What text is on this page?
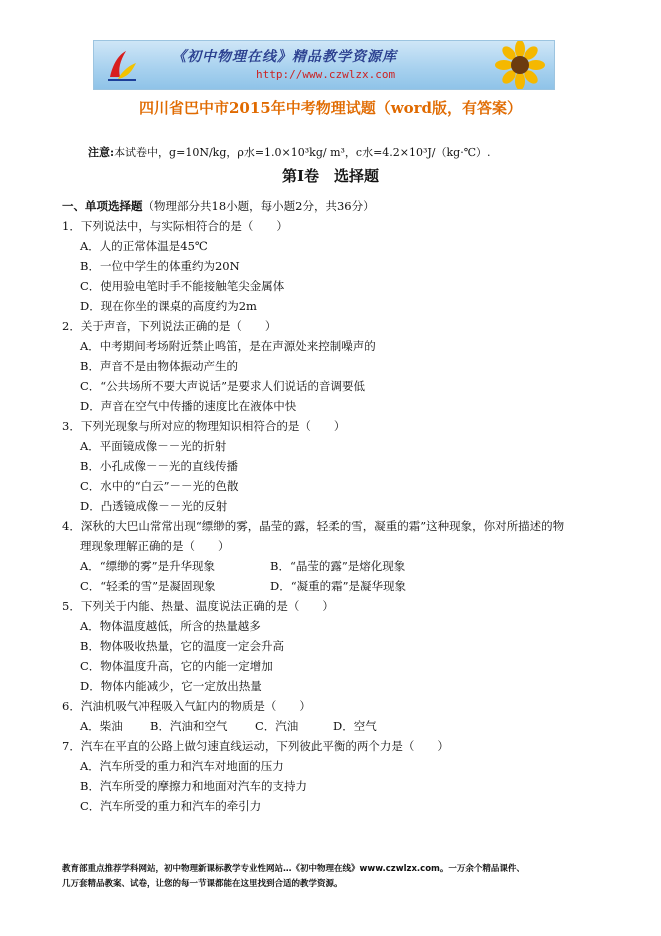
《初中物理在线》精品教学资源库
http://www.czwlzx.com
四川省巴中市2015年中考物理试题（word版，有答案）
注意:本试卷中，g=10N/kg，ρ水=1.0×10³kg/ m³，c水=4.2×10³J/（kg·℃）.
第Ⅰ卷　选择题
一、单项选择题（物理部分共18小题，每小题2分，共36分）
1．下列说法中，与实际相符合的是（　　）
A．人的正常体温是45℃
B．一位中学生的体重约为20N
C．使用验电笔时手不能接触笔尖金属体
D．现在你坐的课桌的高度约为2m
2．关于声音，下列说法正确的是（　　）
A．中考期间考场附近禁止鸣笛，是在声源处来控制噪声的
B．声音不是由物体振动产生的
C．“公共场所不要大声说话”是要求人们说话的音调要低
D．声音在空气中传播的速度比在液体中快
3．下列光现象与所对应的物理知识相符合的是（　　）
A．平面镜成像－－光的折射
B．小孔成像－－光的直线传播
C．水中的“白云”－－光的色散
D．凸透镜成像－－光的反射
4．深秋的大巴山常常出现“缥缈的雾，晶莹的露，轻柔的雪，凝重的霜”这种现象，你对所描述的物
理现象理解正确的是（　　）
A．“缥缈的雾”是升华现象	B．“晶莹的露”是熔化现象
C．“轻柔的雪”是凝固现象	D．“凝重的霜”是凝华现象
5．下列关于内能、热量、温度说法正确的是（　　）
A．物体温度越低，所含的热量越多
B．物体吸收热量，它的温度一定会升高
C．物体温度升高，它的内能一定增加
D．物体内能减少，它一定放出热量
6．汽油机吸气冲程吸入气缸内的物质是（　　）
A．柴油 B．汽油和空气 C．汽油	D．空气
7．汽车在平直的公路上做匀速直线运动，下列彼此平衡的两个力是（　　）
A．汽车所受的重力和汽车对地面的压力
B．汽车所受的摩擦力和地面对汽车的支持力
C．汽车所受的重力和汽车的牵引力
教育部重点推荐学科网站，初中物理新课标教学专业性网站…《初中物理在线》www.czwlzx.com。一万余个精品课件、
几万套精品教案、试卷，让您的每一节课都能在这里找到合适的教学资源。
